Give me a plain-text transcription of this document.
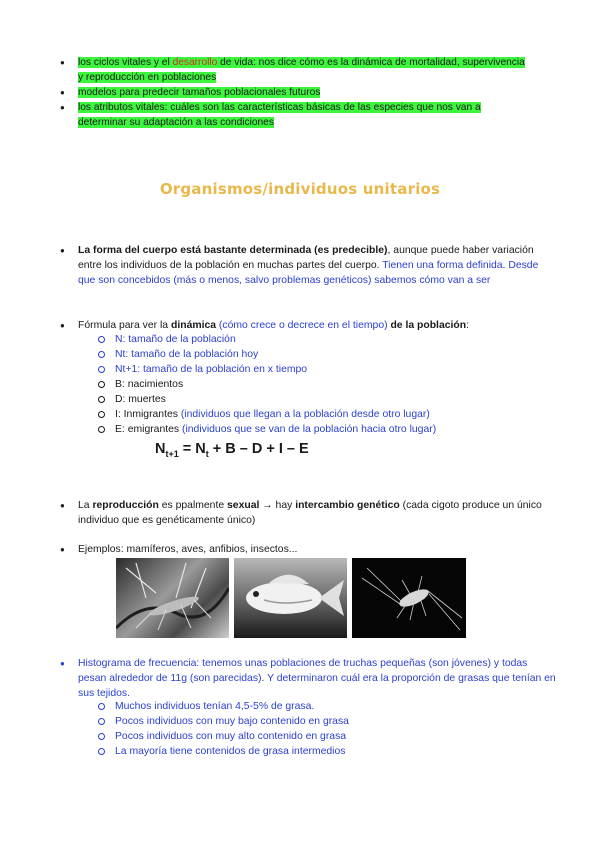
● los ciclos vitales y el desarrollo de vida: nos dice cómo es la dinámica de mortalidad, supervivencia y reproducción en poblaciones
● modelos para predecir tamaños poblacionales futuros
● los atributos vitales: cuáles son las características básicas de las especies que nos van a determinar su adaptación a las condiciones
Organismos/individuos unitarios
●	La forma del cuerpo está bastante determinada (es predecible), aunque puede haber variación entre los individuos de la población en muchas partes del cuerpo. Tienen una forma definida. Desde que son concebidos (más o menos, salvo problemas genéticos) sabemos cómo van a ser
●	Fórmula para ver la dinámica (cómo crece o decrece en el tiempo) de la población:
N: tamaño de la población
Nt: tamaño de la población hoy
Nt+1: tamaño de la población en x tiempo
B: nacimientos
D: muertes
I: Inmigrantes (individuos que llegan a la población desde otro lugar)
E: emigrantes (individuos que se van de la población hacia otro lugar)
$N_{t+1} = N_t + B - D + I - E$
●	La reproducción es ppalmente sexual → hay intercambio genético (cada cigoto produce un único individuo que es genéticamente único)
●	Ejemplos: mamíferos, aves, anfibios, insectos...
●	Histograma de frecuencia: tenemos unas poblaciones de truchas pequeñas (son jóvenes) y todas pesan alrededor de 11g (son parecidas). Y determinaron cuál era la proporción de grasas que tenían en sus tejidos.
Muchos individuos tenían 4,5-5% de grasa.
Pocos individuos con muy bajo contenido en grasa
Pocos individuos con muy alto contenido en grasa
La mayoría tiene contenidos de grasa intermedios
